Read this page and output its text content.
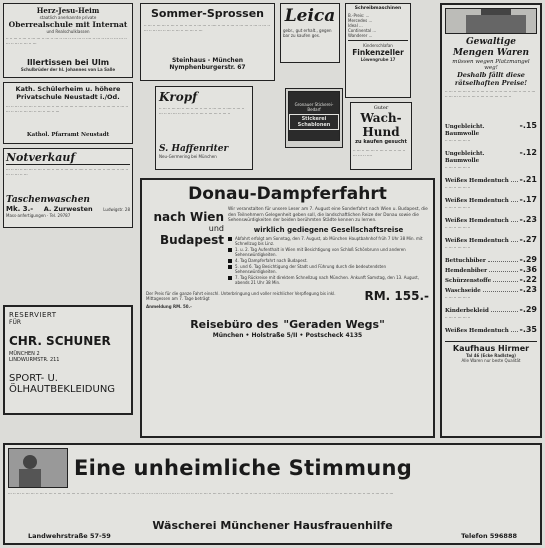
Herz-Jesu-Heim
staatlich anerkannte private
Oberrealschule mit Internat
und Realschulklassen
·· ·· ··· ·· ··· ·· ··· ··· ·· ··· ·· ··· ·· ··· ·· ··· ··· ·· ···· ·· ··· ·· ··· ·· ··· ··· ·· ··· ·· ··· ·· ··· ·· ···
Illertissen bei Ulm
Schulbrüder der hl. Johannes von La Salle
Kath. Schülerheim u. höhere
Privatschule Neustadt i./Od.
··· ·· ··· ·· ··· ··· ·· ··· ·· ··· ·· ··· ·· ··· ··· ·· ···· ·· ··· ·· ··· ·· ··· ··· ·· ··· ·· ··· ·· ··· ·· ··· ··· ·· ··· ·· ··· ·· ···
Kathol. Pfarramt Neustadt
Notverkauf
··· ·· ··· ·· ··· ··· ·· ··· ·· ··· ·· ··· ·· ··· ··· ·· ···· ·· ··· ·· ··· ·· ··· ··· ·· ··· ·· ··· ·· ··· ·· ···
Taschenwaschen
Mk. 3.- A. Zurwesten	Ludwigstr. 28
Mass-anfertigungen · Tel. 29787
RESERVIERT
FÜR
CHR. SCHUNER
MÜNCHEN 2
LINDWURMSTR. 211
SPORT- U.
ÖLHAUTBEKLEIDUNG
Sommer-Sprossen
·· ··· ·· ··· ··· ·· ··· ·· ··· ·· ··· ·· ··· ··· ·· ···· ·· ··· ·· ··· ·· ··· ··· ·· ··· ·· ··· ·· ··· ·· ··· ··· ·· ··· ·· ··· ·· ··· ··· ·· ···
Steinhaus - München
Nymphenburgerstr. 67
Leica
gebr., gut erhalt., gegen bar zu kaufen ges.
Schreibmaschinen
B.-Preis: ...
Mercedes ...
Ideal ...
Continental ...
Wanderer ...
Kinderschlafan
Finkenzeller
Löwengrube 17
Kropf
·· ··· ·· ··· ··· ·· ··· ·· ··· ·· ··· ·· ··· ··· ·· ···· ·· ··· ·· ··· ·· ··· ··· ·· ··· ·· ··· ·· ··· ·· ··· ··· ·· ··· ··
S. Haffenriter
Neu-Germering bei München
Gronauer Stickerei-Bedarf
Stickerei Schablonen
Guter
Wach-Hund
zu kaufen gesucht
·· ··· ·· ··· ··· ·· ··· ·· ··· ·· ··· ·· ··· ··· ·· ····
Donau-Dampferfahrt
nach Wien
und
Budapest
Wir veranstalten für unsere Leser am 7. August eine Sonderfahrt nach Wien u. Budapest, die den Teilnehmern Gelegenheit geben soll, die landschaftlichen Reize der Donau sowie die Sehenswürdigkeiten der beiden berühmten Städte kennen zu lernen.
wirklich gediegene Gesellschaftsreise
Abfahrt erfolgt am Sonntag, den 7. August, ab München Hauptbahnhof früh 7 Uhr 38 Min. mit Schnellzug bis Linz.
1. u. 2. Tag Aufenthalt in Wien mit Besichtigung von Schloß Schönbrunn und anderen Sehenswürdigkeiten.
4. Tag Dampferfahrt nach Budapest.
5. und 6. Tag Besichtigung der Stadt und Führung durch die bedeutendsten Sehenswürdigkeiten.
7. Tag Rückreise mit direktem Schnellzug nach München. Ankunft Samstag, den 13. August, abends 21 Uhr 38 Min.
Der Preis für die ganze Fahrt einschl. Unterbringung und voller reichlicher Verpflegung bis inkl. Mittagessen am 7. Tage beträgt	RM. 155.-
Anmeldung RM. 50.-
Reisebüro des "Geraden Wegs"
München • Holstraße 5/II • Postscheck 4135
Gewaltige Mengen Waren
müssen wegen Platzmangel weg!
Deshalb fällt diese rätselhaften Preise!
·· ··· ·· ··· ··· ·· ··· ·· ··· ·· ··· ·· ··· ··· ·· ···· ·· ··· ·· ··· ·· ··· ··· ·· ··· ·· ··· ·· ··· ·· ··· ··· ·· ··· ··
Ungebleicht. Baumwolle
-.15
·· ··· ·· ··· ··· ··
Ungebleicht. Baumwolle
-.12
·· ··· ·· ··· ··· ··
Weißes Hemdentuch -.21
·· ··· ·· ··· ··· ··
Weißes Hemdentuch -.17
·· ··· ·· ··· ··· ··
Weißes Hemdentuch -.23
·· ··· ·· ··· ··· ··
Weißes Hemdentuch -.27
·· ··· ·· ··· ··· ··
Bettuchbiber	-.29
Hemdenbiber	-.36
Schürzenstoffe	-.22
Waschseide	-.23
·· ··· ·· ··· ··· ··
Kinderbekleid	-.29
·· ··· ·· ··· ··· ··
Weißes Hemdentuch -.35
Kaufhaus Hirmer
Tal 46 (Ecke Radlsteg)
Alle Waren nur beste Qualität
Eine unheimliche Stimmung
··· ·· ··· ·· ··· ··· ·· ··· ·· ··· ·· ··· ·· ··· ··· ·· ···· ·· ··· ·· ··· ·· ··· ··· ·· ··· ·· ··· ·· ··· ·· ··· ··· ·· ··· ·· ··· ·· ··· ··· ·· ··· ·· ··· ·· ··· ··· ·· ··· ·· ··· ·· ··· ·· ··· ·· ··· ··· ·· ··· ·· ··· ·· ··· ··· ·· ··· ·· ··· ·· ··· ·· ··· ·· ··· ··· ·· ··· ·· ··· ·· ··· ··· ·· ···
Wäscherei Münchener Hausfrauenhilfe
Landwehrstraße 57-59	Telefon 596888
